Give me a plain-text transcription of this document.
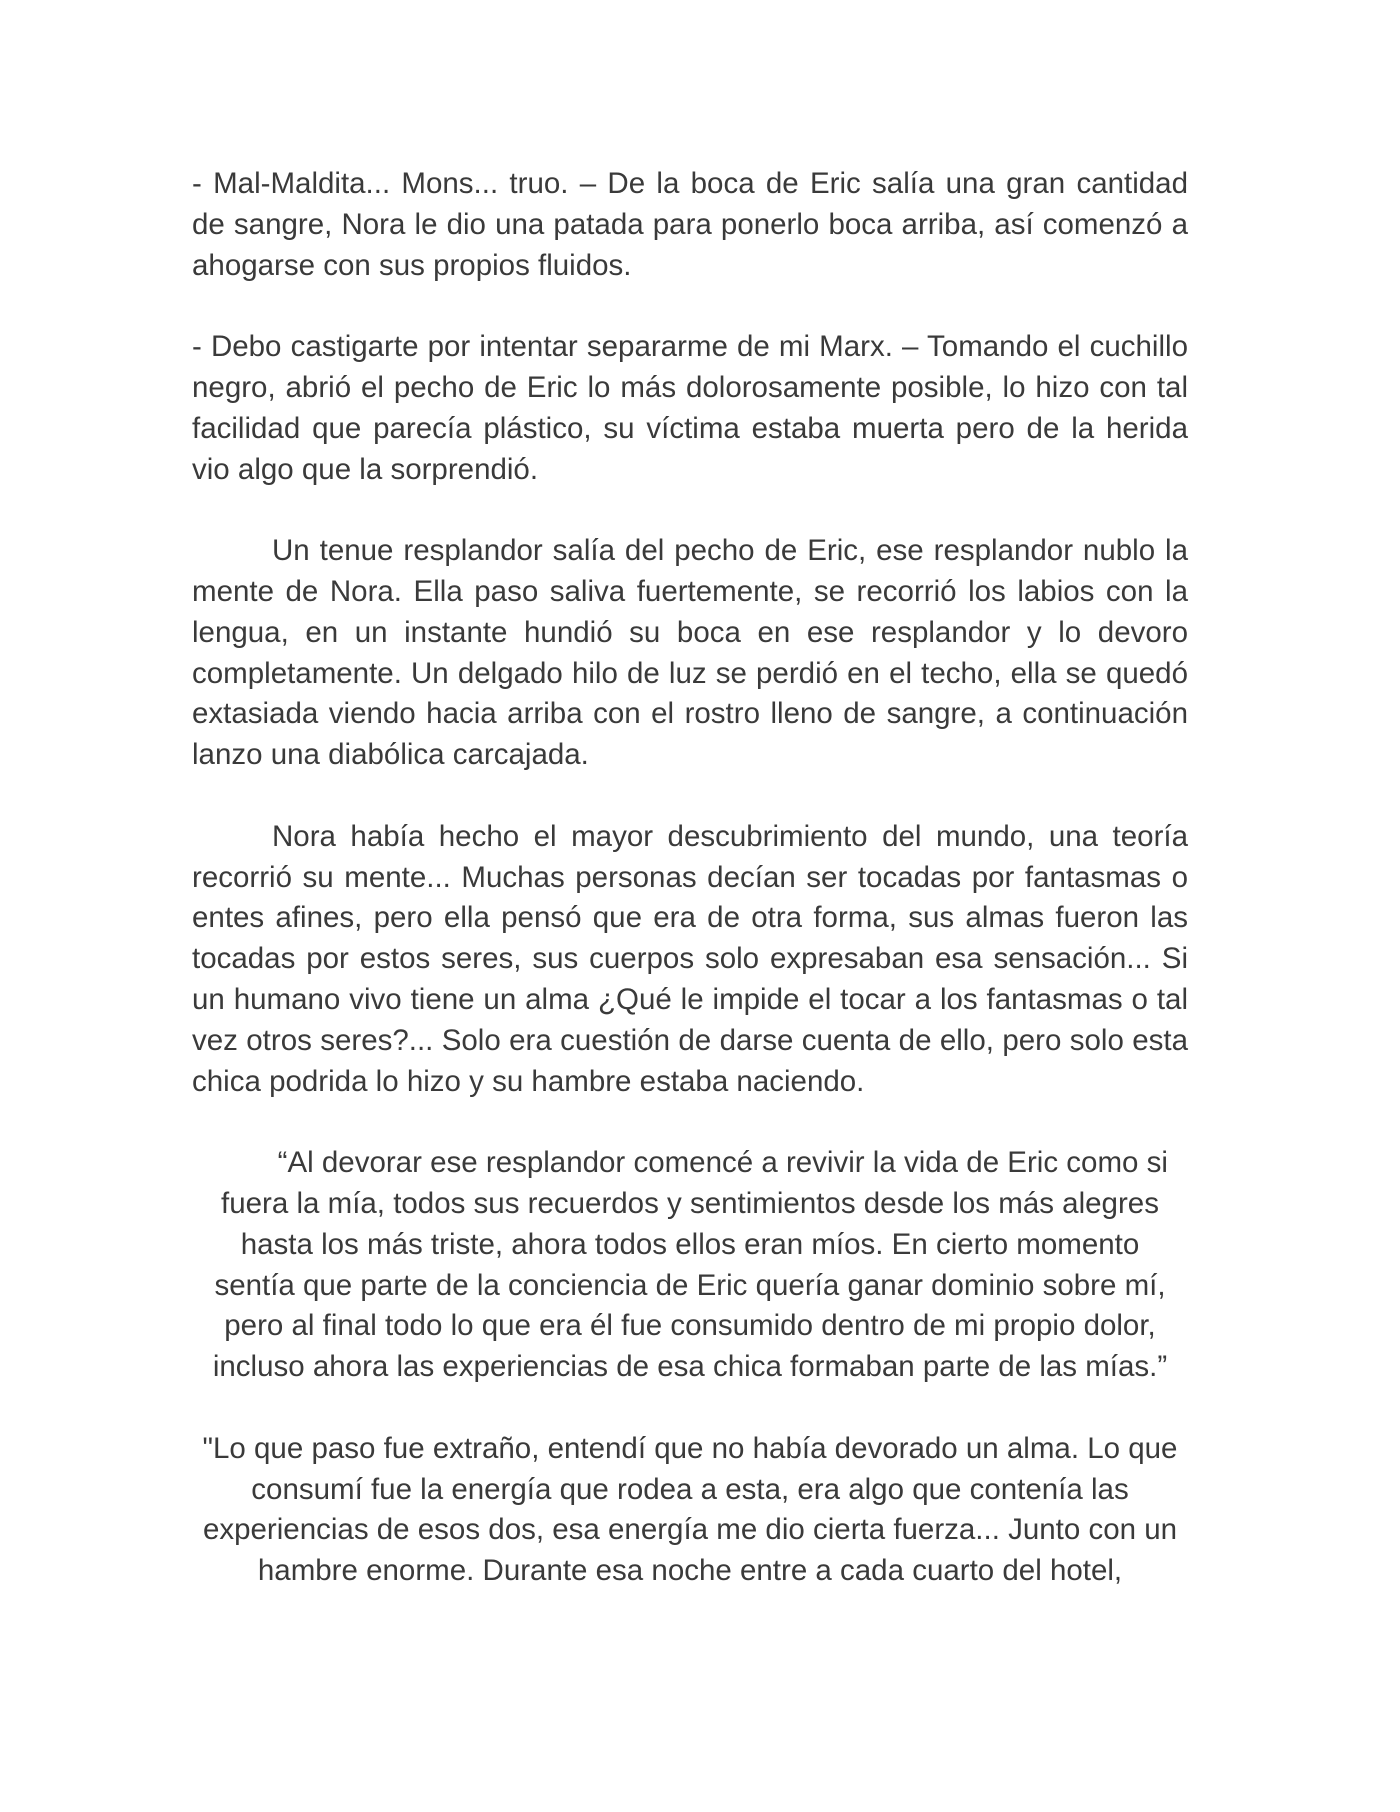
- Mal-Maldita... Mons... truo. – De la boca de Eric salía una gran cantidad de sangre, Nora le dio una patada para ponerlo boca arriba, así comenzó a ahogarse con sus propios fluidos.

- Debo castigarte por intentar separarme de mi Marx. – Tomando el cuchillo negro, abrió el pecho de Eric lo más dolorosamente posible, lo hizo con tal facilidad que parecía plástico, su víctima estaba muerta pero de la herida vio algo que la sorprendió.

Un tenue resplandor salía del pecho de Eric, ese resplandor nublo la mente de Nora. Ella paso saliva fuertemente, se recorrió los labios con la lengua, en un instante hundió su boca en ese resplandor y lo devoro completamente. Un delgado hilo de luz se perdió en el techo, ella se quedó extasiada viendo hacia arriba con el rostro lleno de sangre, a continuación lanzo una diabólica carcajada.

Nora había hecho el mayor descubrimiento del mundo, una teoría recorrió su mente... Muchas personas decían ser tocadas por fantasmas o entes afines, pero ella pensó que era de otra forma, sus almas fueron las tocadas por estos seres, sus cuerpos solo expresaban esa sensación... Si un humano vivo tiene un alma ¿Qué le impide el tocar a los fantasmas o tal vez otros seres?... Solo era cuestión de darse cuenta de ello, pero solo esta chica podrida lo hizo y su hambre estaba naciendo.

“Al devorar ese resplandor comencé a revivir la vida de Eric como si fuera la mía, todos sus recuerdos y sentimientos desde los más alegres hasta los más triste, ahora todos ellos eran míos. En cierto momento sentía que parte de la conciencia de Eric quería ganar dominio sobre mí, pero al final todo lo que era él fue consumido dentro de mi propio dolor, incluso ahora las experiencias de esa chica formaban parte de las mías.”

"Lo que paso fue extraño, entendí que no había devorado un alma. Lo que consumí fue la energía que rodea a esta, era algo que contenía las experiencias de esos dos, esa energía me dio cierta fuerza... Junto con un hambre enorme. Durante esa noche entre a cada cuarto del hotel,
